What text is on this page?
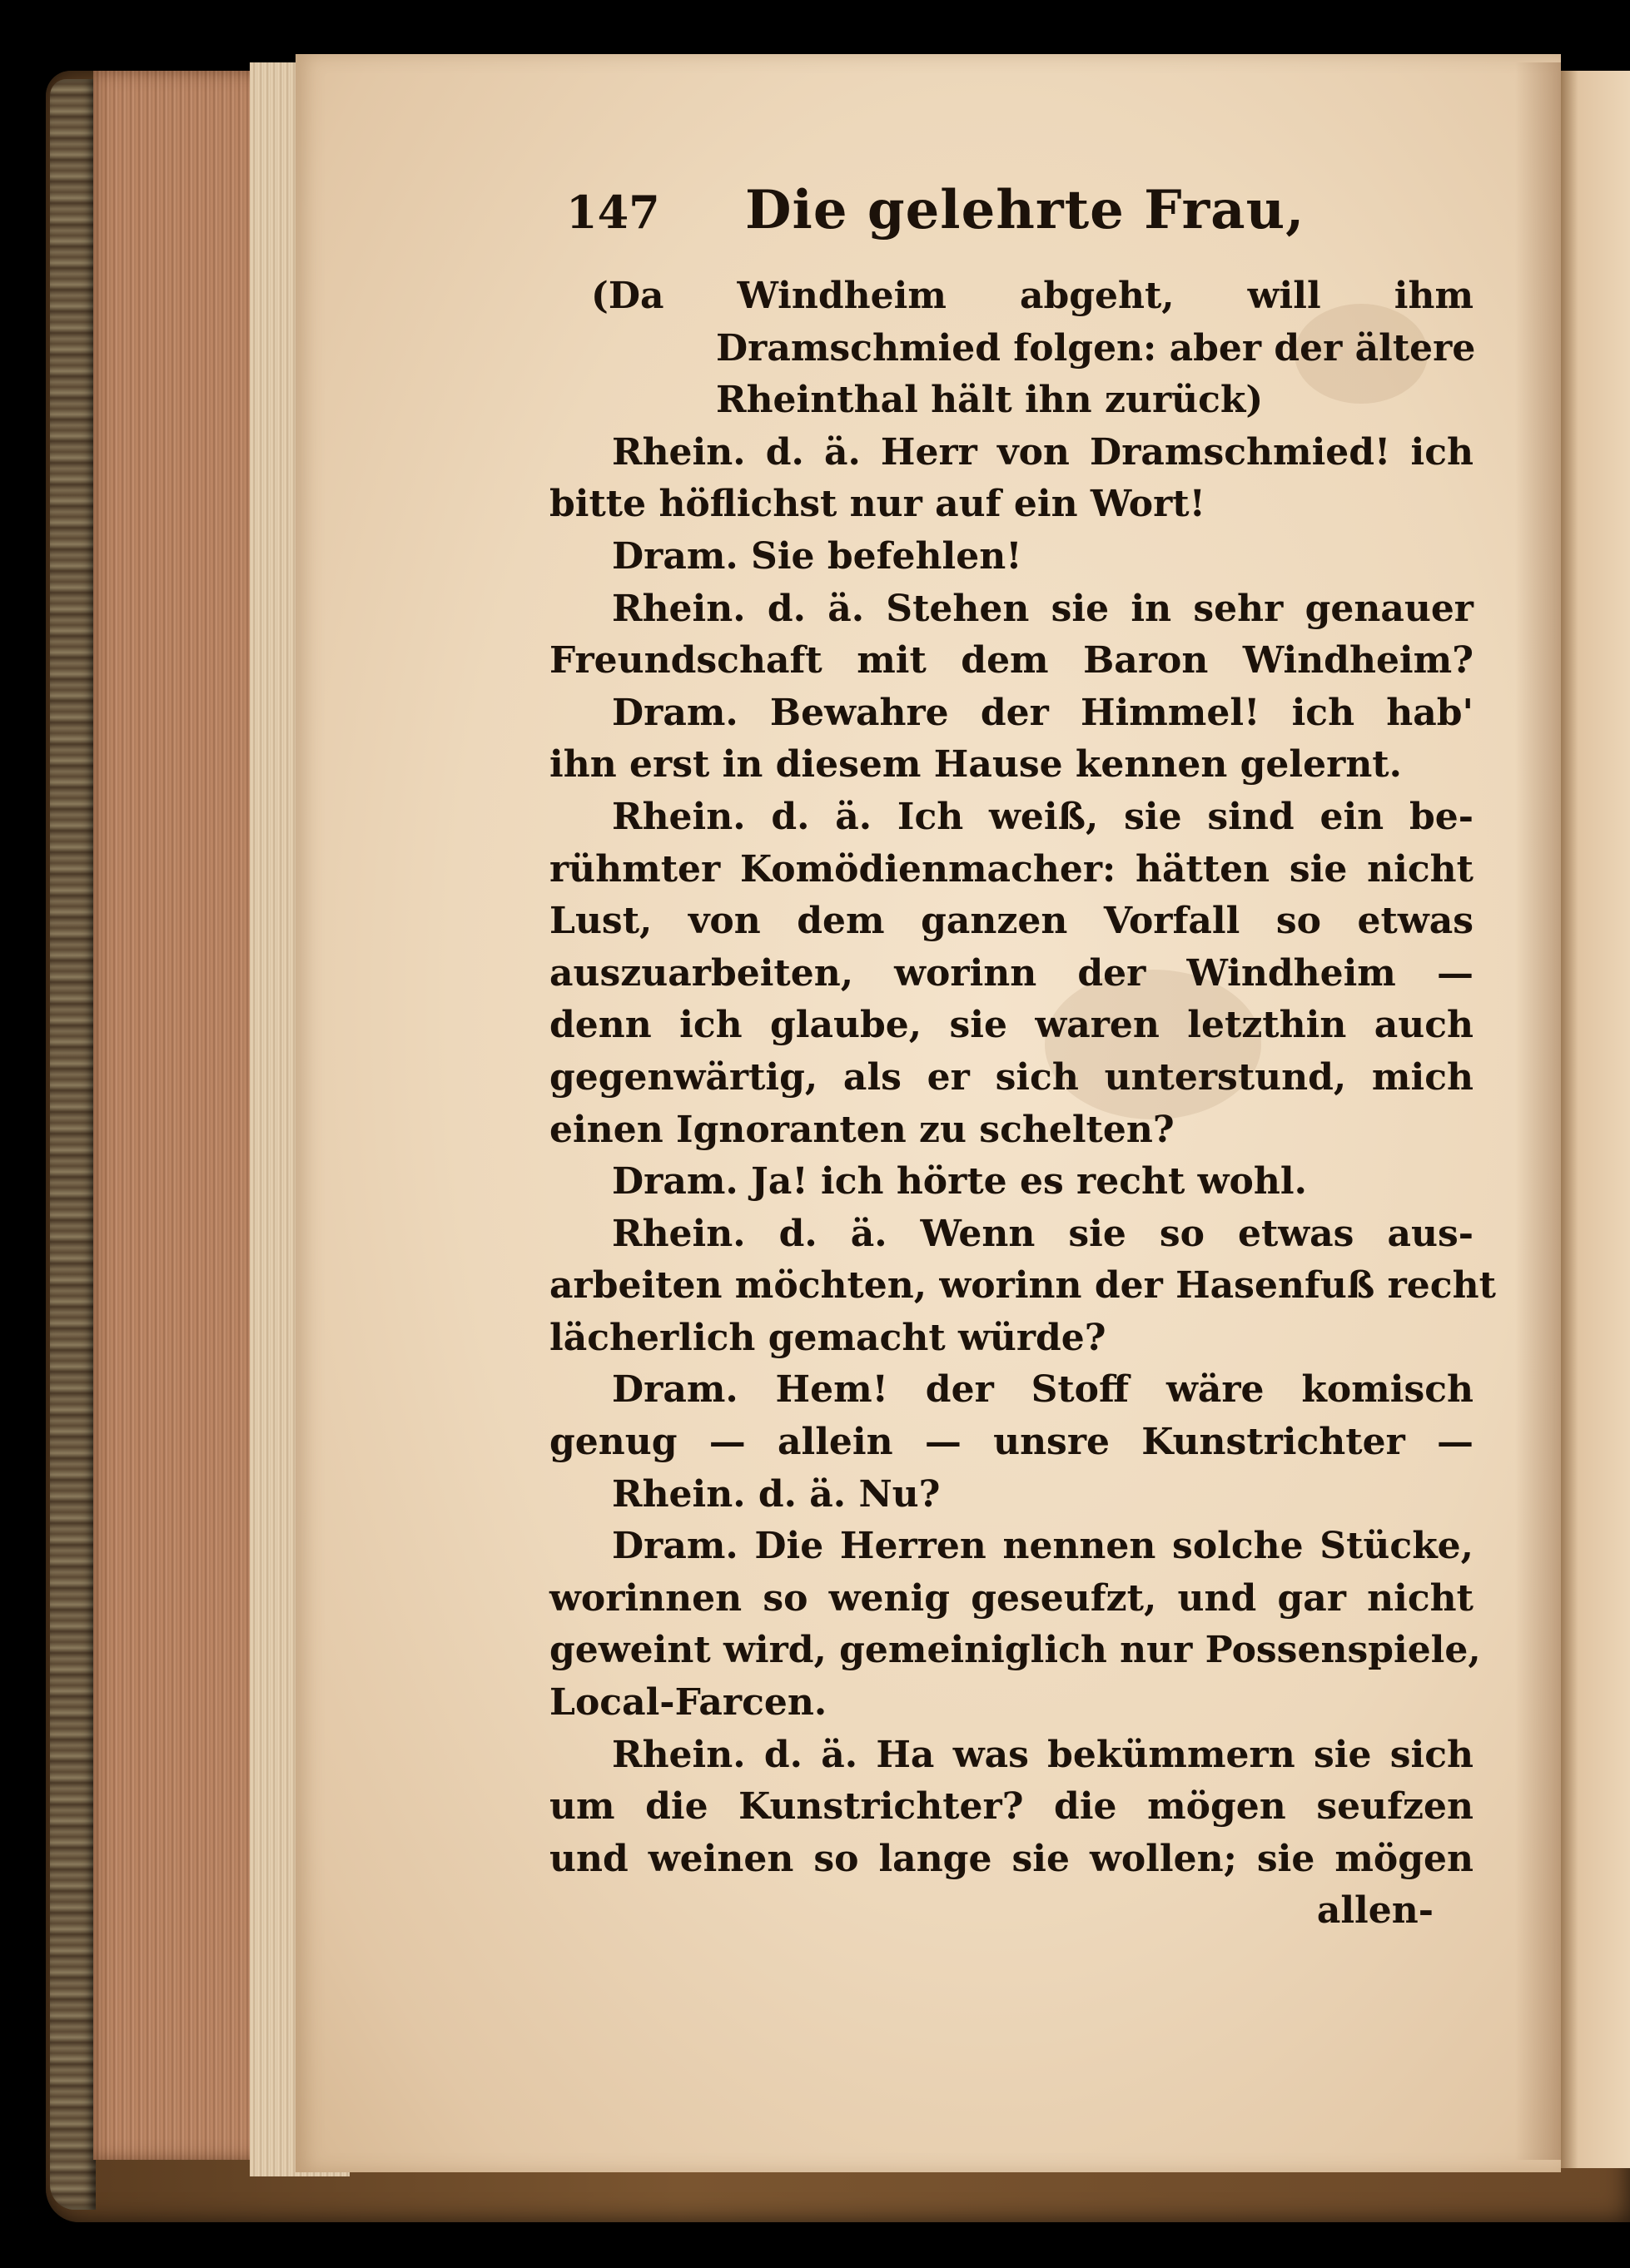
147	Die gelehrte Frau,
(Da Windheim abgeht, will ihm
Dramschmied folgen: aber der ältere
Rheinthal hält ihn zurück)
Rhein. d. ä. Herr von Dramschmied! ich
bitte höflichst nur auf ein Wort!
Dram. Sie befehlen!
Rhein. d. ä. Stehen sie in sehr genauer
Freundschaft mit dem Baron Windheim?
Dram. Bewahre der Himmel! ich hab'
ihn erst in diesem Hause kennen gelernt.
Rhein. d. ä. Ich weiß, sie sind ein be-
rühmter Komödienmacher: hätten sie nicht
Lust, von dem ganzen Vorfall so etwas
auszuarbeiten, worinn der Windheim —
denn ich glaube, sie waren letzthin auch
gegenwärtig, als er sich unterstund, mich
einen Ignoranten zu schelten?
Dram. Ja! ich hörte es recht wohl.
Rhein. d. ä. Wenn sie so etwas aus-
arbeiten möchten, worinn der Hasenfuß recht
lächerlich gemacht würde?
Dram. Hem! der Stoff wäre komisch
genug — allein — unsre Kunstrichter —
Rhein. d. ä. Nu?
Dram. Die Herren nennen solche Stücke,
worinnen so wenig geseufzt, und gar nicht
geweint wird, gemeiniglich nur Possenspiele,
Local-Farcen.
Rhein. d. ä. Ha was bekümmern sie sich
um die Kunstrichter? die mögen seufzen
und weinen so lange sie wollen; sie mögen
allen-
